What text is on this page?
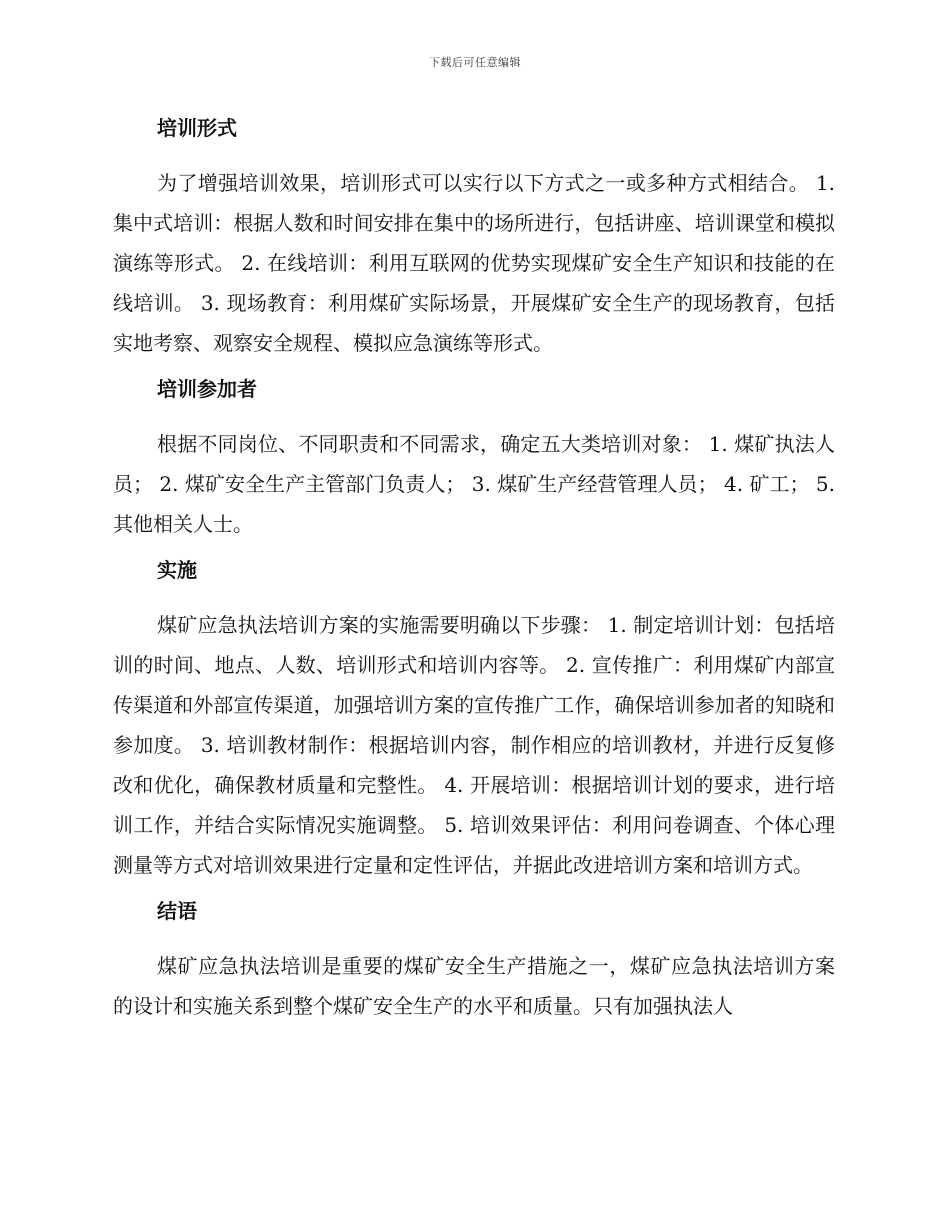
下载后可任意编辑
培训形式

为了增强培训效果，培训形式可以实行以下方式之一或多种方式相结合。 1. 集中式培训：根据人数和时间安排在集中的场所进行，包括讲座、培训课堂和模拟演练等形式。 2. 在线培训：利用互联网的优势实现煤矿安全生产知识和技能的在线培训。 3. 现场教育：利用煤矿实际场景，开展煤矿安全生产的现场教育，包括实地考察、观察安全规程、模拟应急演练等形式。

培训参加者

根据不同岗位、不同职责和不同需求，确定五大类培训对象： 1. 煤矿执法人员； 2. 煤矿安全生产主管部门负责人； 3. 煤矿生产经营管理人员； 4. 矿工； 5. 其他相关人士。

实施

煤矿应急执法培训方案的实施需要明确以下步骤： 1. 制定培训计划：包括培训的时间、地点、人数、培训形式和培训内容等。 2. 宣传推广：利用煤矿内部宣传渠道和外部宣传渠道，加强培训方案的宣传推广工作，确保培训参加者的知晓和参加度。 3. 培训教材制作：根据培训内容，制作相应的培训教材，并进行反复修改和优化，确保教材质量和完整性。 4. 开展培训：根据培训计划的要求，进行培训工作，并结合实际情况实施调整。 5. 培训效果评估：利用问卷调查、个体心理测量等方式对培训效果进行定量和定性评估，并据此改进培训方案和培训方式。

结语

煤矿应急执法培训是重要的煤矿安全生产措施之一，煤矿应急执法培训方案的设计和实施关系到整个煤矿安全生产的水平和质量。只有加强执法人
